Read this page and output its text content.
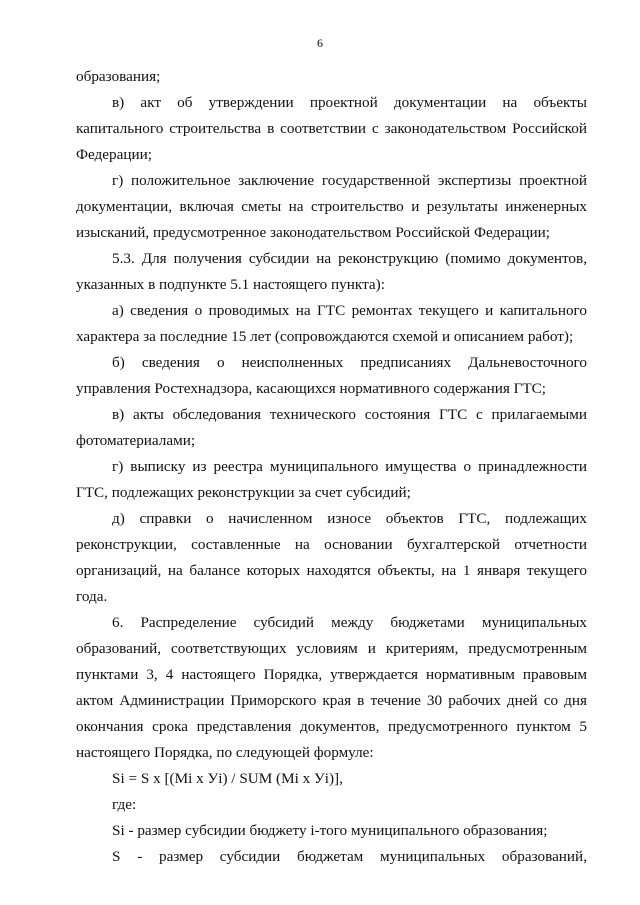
6

образования;

в) акт об утверждении проектной документации на объекты капитального строительства в соответствии с законодательством Российской Федерации;

г) положительное заключение государственной экспертизы проектной документации, включая сметы на строительство и результаты инженерных изысканий, предусмотренное законодательством Российской Федерации;

5.3. Для получения субсидии на реконструкцию (помимо документов, указанных в подпункте 5.1 настоящего пункта):

а) сведения о проводимых на ГТС ремонтах текущего и капитального характера за последние 15 лет (сопровождаются схемой и описанием работ);

б) сведения о неисполненных предписаниях Дальневосточного управления Ростехнадзора, касающихся нормативного содержания ГТС;

в) акты обследования технического состояния ГТС с прилагаемыми фотоматериалами;

г) выписку из реестра муниципального имущества о принадлежности ГТС, подлежащих реконструкции за счет субсидий;

д) справки о начисленном износе объектов ГТС, подлежащих реконструкции, составленные на основании бухгалтерской отчетности организаций, на балансе которых находятся объекты, на 1 января текущего года.

6. Распределение субсидий между бюджетами муниципальных образований, соответствующих условиям и критериям, предусмотренным пунктами 3, 4 настоящего Порядка, утверждается нормативным правовым актом Администрации Приморского края в течение 30 рабочих дней со дня окончания срока представления документов, предусмотренного пунктом 5 настоящего Порядка, по следующей формуле:

Si = S x [(Mi x Уi) / SUM (Mi x Уi)],

где:

Si - размер субсидии бюджету i-того муниципального образования;

S - размер субсидии бюджетам муниципальных образований,
